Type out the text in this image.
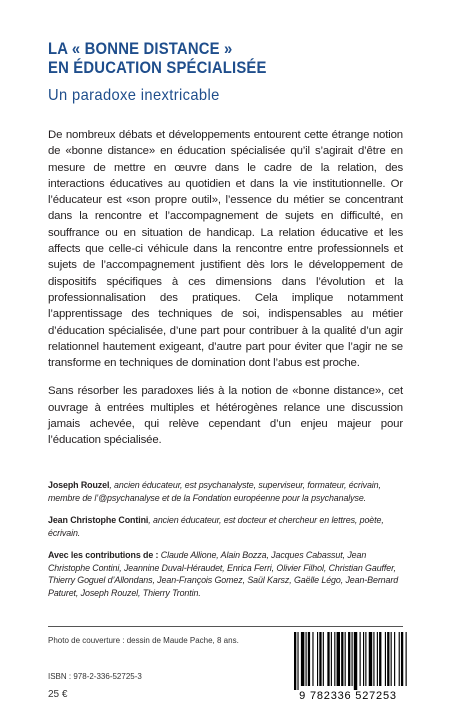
LA « BONNE DISTANCE »
EN ÉDUCATION SPÉCIALISÉE
Un paradoxe inextricable

De nombreux débats et développements entourent cette étrange notion de «bonne distance» en éducation spécialisée qu’il s’agirait d’être en mesure de mettre en œuvre dans le cadre de la relation, des interactions éducatives au quotidien et dans la vie institutionnelle. Or l’éducateur est «son propre outil», l’essence du métier se concentrant dans la rencontre et l’accompagnement de sujets en difficulté, en souffrance ou en situation de handicap. La relation éducative et les affects que celle-ci véhicule dans la rencontre entre professionnels et sujets de l’accompagnement justifient dès lors le développement de dispositifs spécifiques à ces dimensions dans l’évolution et la professionnalisation des pratiques. Cela implique notamment l’apprentissage des techniques de soi, indispensables au métier d’éducation spécialisée, d’une part pour contribuer à la qualité d’un agir relationnel hautement exigeant, d’autre part pour éviter que l’agir ne se transforme en techniques de domination dont l’abus est proche.

Sans résorber les paradoxes liés à la notion de «bonne distance», cet ouvrage à entrées multiples et hétérogènes relance une discussion jamais achevée, qui relève cependant d’un enjeu majeur pour l’éducation spécialisée.

Joseph Rouzel, ancien éducateur, est psychanalyste, superviseur, formateur, écrivain, membre de l’@psychanalyse et de la Fondation européenne pour la psychanalyse.

Jean Christophe Contini, ancien éducateur, est docteur et chercheur en lettres, poète, écrivain.

Avec les contributions de : Claude Allione, Alain Bozza, Jacques Cabassut, Jean Christophe Contini, Jeannine Duval-Héraudet, Enrica Ferri, Olivier Filhol, Christian Gauffer, Thierry Goguel d’Allondans, Jean-François Gomez, Saül Karsz, Gaëlle Légo, Jean-Bernard Paturet, Joseph Rouzel, Thierry Trontin.

Photo de couverture : dessin de Maude Pache, 8 ans.
ISBN : 978-2-336-52725-3
25 €	9 782336 527253
